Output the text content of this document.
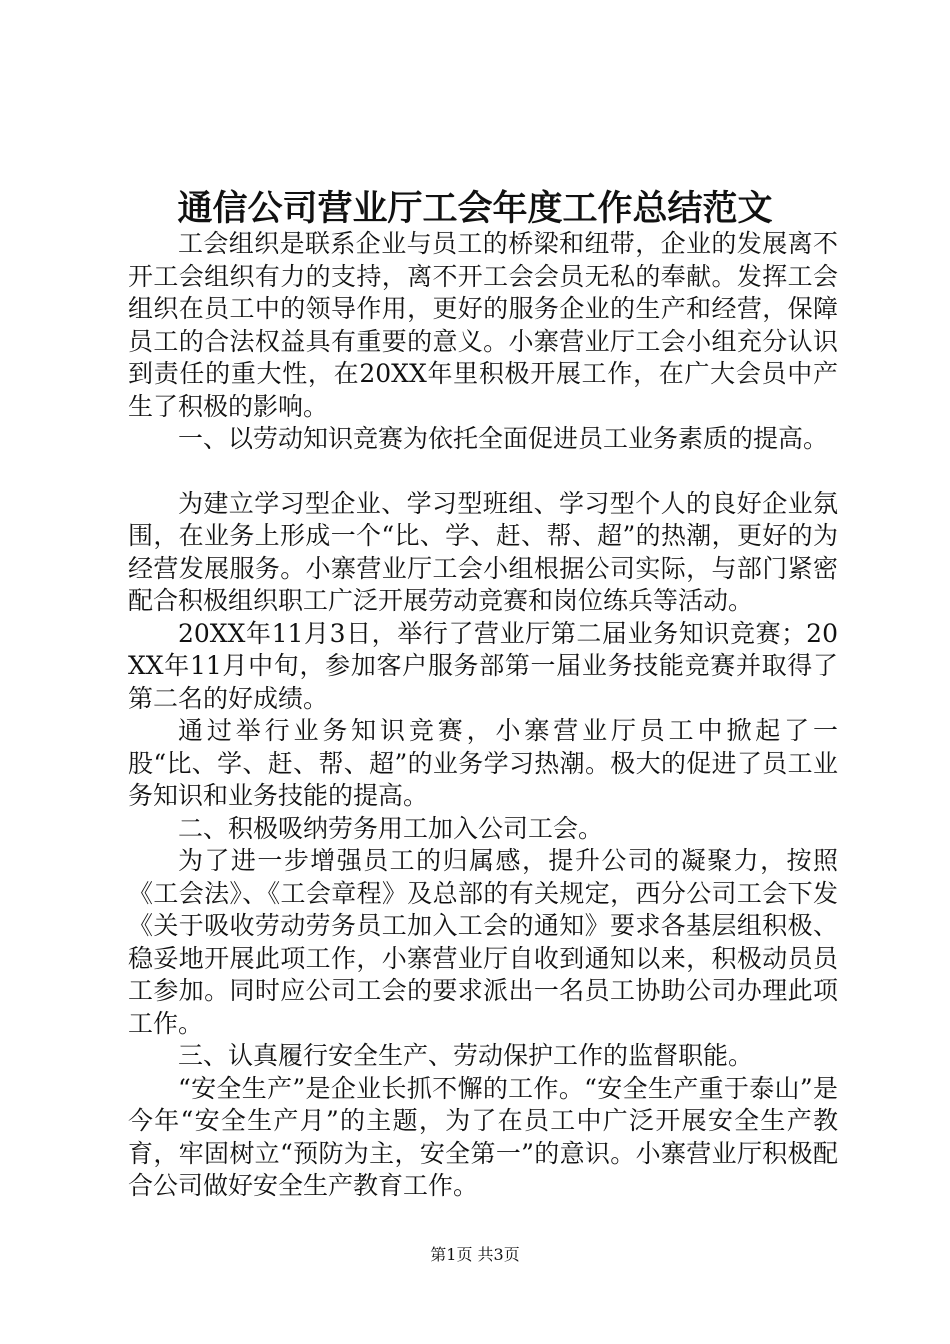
通信公司营业厅工会年度工作总结范文

工会组织是联系企业与员工的桥梁和纽带，企业的发展离不开工会组织有力的支持，离不开工会会员无私的奉献。发挥工会组织在员工中的领导作用，更好的服务企业的生产和经营，保障员工的合法权益具有重要的意义。小寨营业厅工会小组充分认识到责任的重大性，在20XX年里积极开展工作，在广大会员中产生了积极的影响。

一、以劳动知识竞赛为依托全面促进员工业务素质的提高。

为建立学习型企业、学习型班组、学习型个人的良好企业氛围，在业务上形成一个“比、学、赶、帮、超”的热潮，更好的为经营发展服务。小寨营业厅工会小组根据公司实际，与部门紧密配合积极组织职工广泛开展劳动竞赛和岗位练兵等活动。

20XX年11月3日，举行了营业厅第二届业务知识竞赛；20XX年11月中旬，参加客户服务部第一届业务技能竞赛并取得了第二名的好成绩。

通过举行业务知识竞赛，小寨营业厅员工中掀起了一股“比、学、赶、帮、超”的业务学习热潮。极大的促进了员工业务知识和业务技能的提高。

二、积极吸纳劳务用工加入公司工会。

为了进一步增强员工的归属感，提升公司的凝聚力，按照《工会法》、《工会章程》及总部的有关规定，西分公司工会下发《关于吸收劳动劳务员工加入工会的通知》要求各基层组积极、稳妥地开展此项工作，小寨营业厅自收到通知以来，积极动员员工参加。同时应公司工会的要求派出一名员工协助公司办理此项工作。

三、认真履行安全生产、劳动保护工作的监督职能。

“安全生产”是企业长抓不懈的工作。“安全生产重于泰山”是今年“安全生产月”的主题，为了在员工中广泛开展安全生产教育，牢固树立“预防为主，安全第一”的意识。小寨营业厅积极配合公司做好安全生产教育工作。

第1页 共3页
